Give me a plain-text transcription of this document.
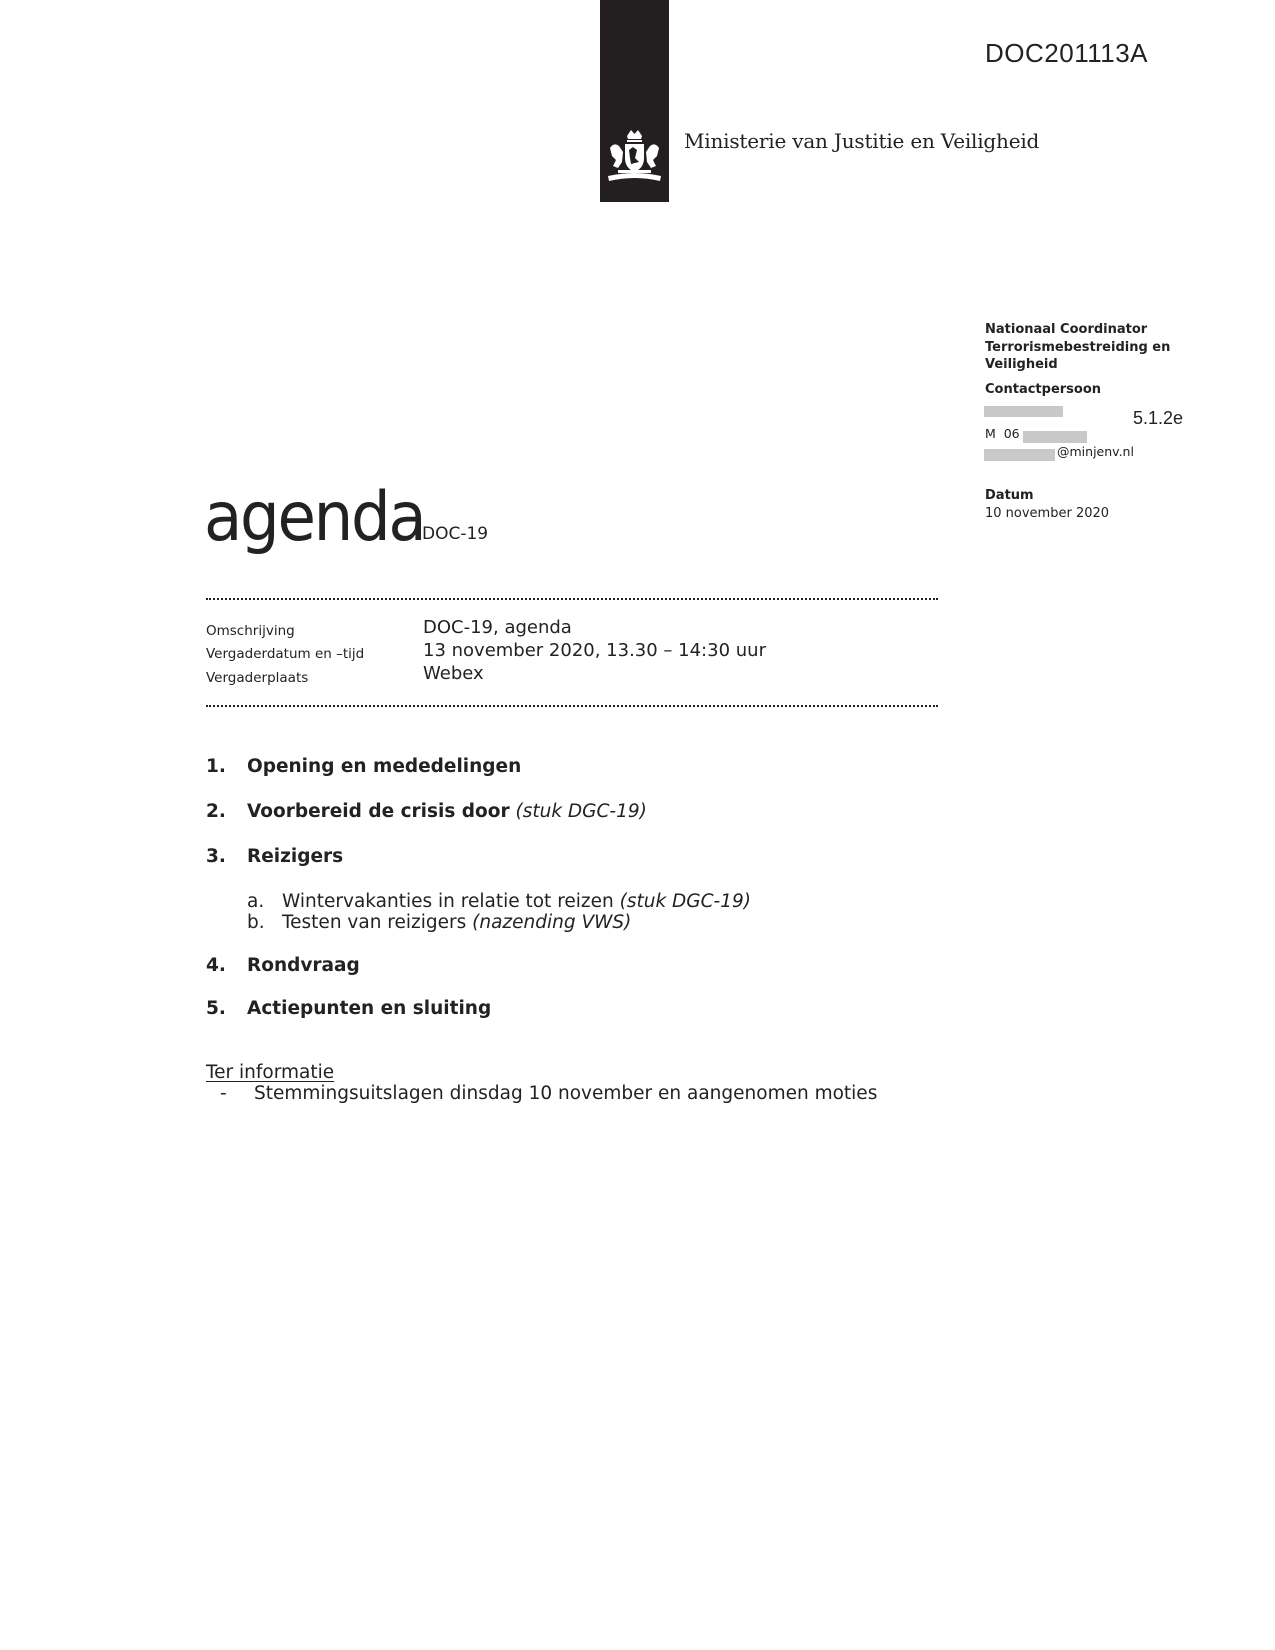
DOC201113A
Ministerie van Justitie en Veiligheid
Nationaal Coordinator Terrorismebestreiding en Veiligheid
Contactpersoon
5.1.2e
M  06
@minjenv.nl
Datum
10 november 2020
agenda
DOC-19
Omschrijving
Vergaderdatum en –tijd
Vergaderplaats
DOC-19, agenda
13 november 2020, 13.30 – 14:30 uur
Webex
1. Opening en mededelingen
2. Voorbereid de crisis door (stuk DGC-19)
3. Reizigers
a. Wintervakanties in relatie tot reizen (stuk DGC-19)
b. Testen van reizigers (nazending VWS)
4. Rondvraag
5. Actiepunten en sluiting
Ter informatie
- Stemmingsuitslagen dinsdag 10 november en aangenomen moties
